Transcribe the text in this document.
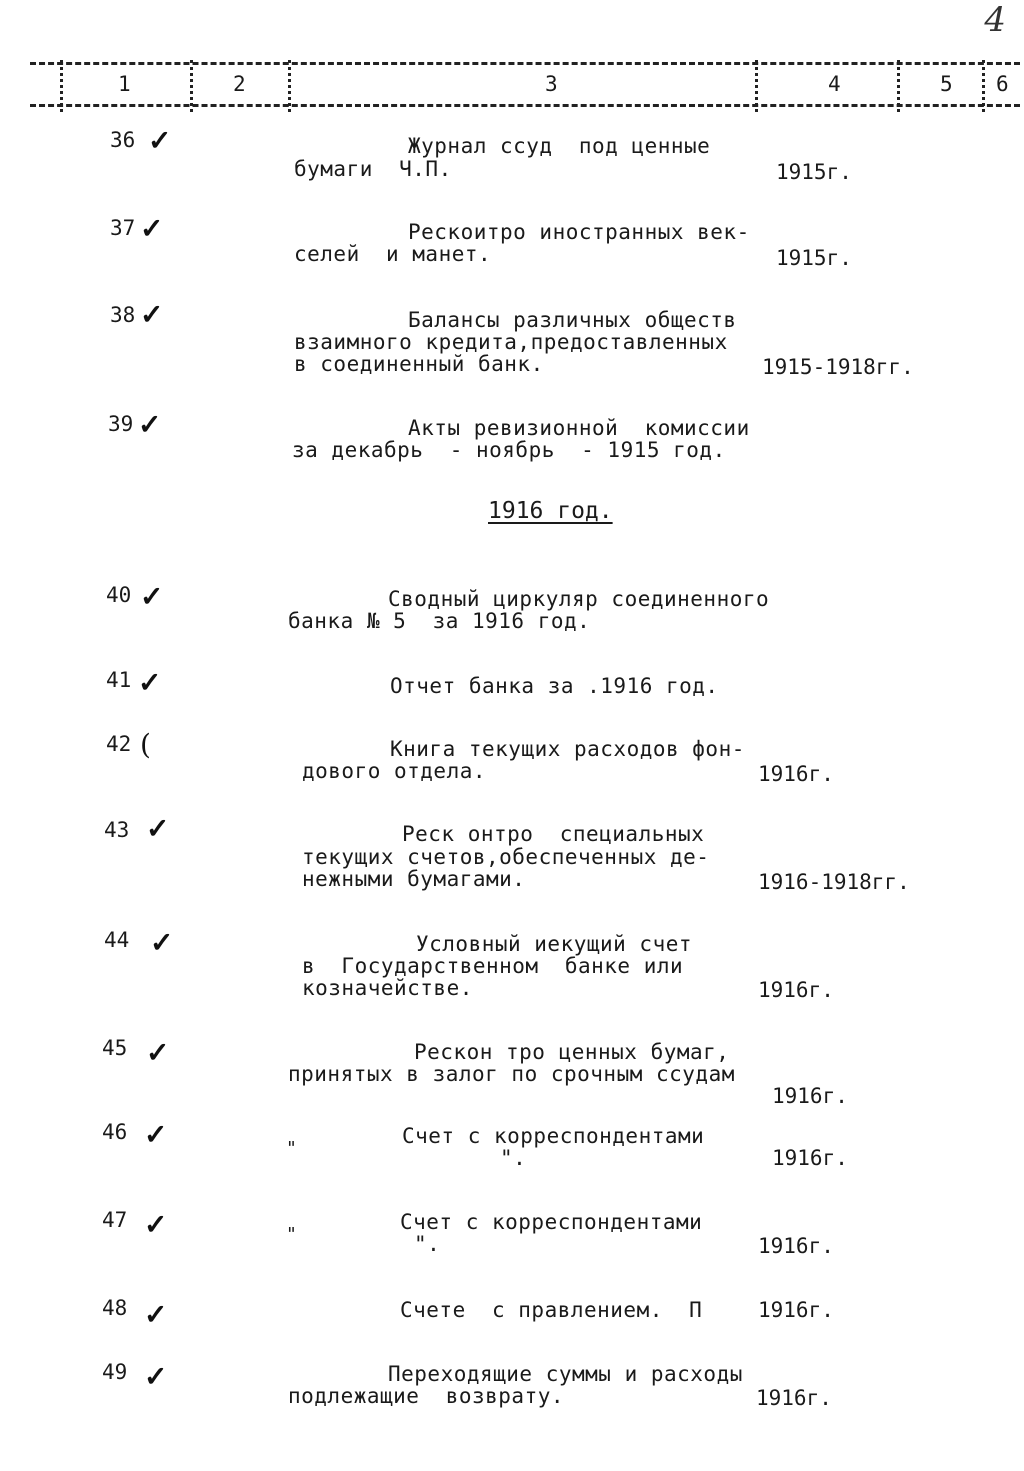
4
1	2	3	4	5 6
36 ✓	Журнал ссуд  под ценные
бумаги  Ч.П.	1915г.
37 ✓	Рескоитро иностранных век-
селей  и манет.	1915г.
38 ✓	Балансы различных обществ
взаимного кредита,предоставленных
в соединенный банк.	1915-1918гг.
39 ✓	Акты ревизионной  комиссии
за декабрь  - ноябрь  - 1915 год.
1916 год.
40 ✓	Сводный циркуляр соединенного
банка № 5  за 1916 год.
41 ✓	Отчет банка за .1916 год.
42 (	Книга текущих расходов фон-
дового отдела.	1916г.
43 ✓	Реск онтро  специальных
текущих счетов,обеспеченных де-
нежными бумагами.	1916-1918гг.
44 ✓	Условный иекущий счет
в  Государственном  банке или
козначействе.	1916г.
45 ✓	Рескон тро ценных бумаг,
принятых в залог по срочным ссудам
1916г.
46 ✓	"
Счет с корреспондентами
".	1916г.
47 ✓	"
Счет с корреспондентами
".	1916г.
48 ✓	Счете  с правлением.  П	1916г.
49 ✓	Переходящие суммы и расходы
подлежащие  возврату.	1916г.
